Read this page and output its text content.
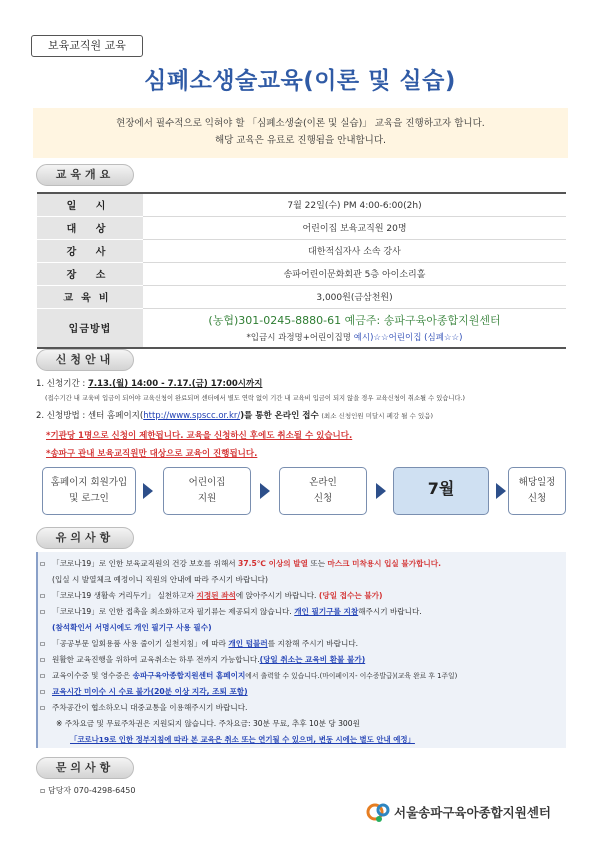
보육교직원 교육
심폐소생술교육(이론 및 실습)
현장에서 필수적으로 익혀야 할 「심폐소생술(이론 및 실습)」 교육을 진행하고자 합니다.
해당 교육은 유료로 진행됨을 안내합니다.
교육개요
일 시	7월 22일(수) PM 4:00-6:00(2h)
대 상	어린이집 보육교직원 20명
강 사	대한적십자사 소속 강사
장 소	송파어린이문화회관 5층 아이소리홀
교육비	3,000원(금삼천원)
입금방법	(농협)301-0245-8880-61 예금주: 송파구육아종합지원센터
*입금시 과정명+어린이집명 예시)☆☆어린이집 (심폐☆☆)
신청안내
1. 신청기간 : 7.13.(월) 14:00 - 7.17.(금) 17:00시까지
(접수기간 내 교육비 입금이 되어야 교육신청이 완료되며 센터에서 별도 연락 없이 기간 내 교육비 입금이 되지 않을 경우 교육신청이 취소될 수 있습니다.)
2. 신청방법 : 센터 홈페이지(http://www.spscc.or.kr/)를 통한 온라인 접수 (최소 신청인원 미달시 폐강 될 수 있음)
*기관당 1명으로 신청이 제한됩니다. 교육을 신청하신 후에도 취소될 수 있습니다.
*송파구 관내 보육교직원만 대상으로 교육이 진행됩니다.
홈페이지 회원가입
및 로그인
어린이집
지원
온라인
신청
7월	해당일정
신청
유의사항
▫ 「코로나19」로 인한 보육교직원의 건강 보호를 위해서 37.5℃ 이상의 발열 또는 마스크 미착용시 입실 불가합니다.
(입실 시 발열체크 예정이니 직원의 안내에 따라 주시기 바랍니다)
▫ 「코로나19 생활속 거리두기」 실천하고자 지정된 좌석에 앉아주시기 바랍니다. (당일 접수는 불가)
▫ 「코로나19」로 인한 접촉을 최소화하고자 필기류는 제공되지 않습니다. 개인 필기구를 지참해주시기 바랍니다.
(참석확인서 서명시에도 개인 필기구 사용 필수)
▫ 「공공부문 일회용품 사용 줄이기 실천지침」에 따라 개인 텀블러를 지참해 주시기 바랍니다.
▫ 원활한 교육진행을 위하여 교육취소는 하루 전까지 가능합니다.(당일 취소는 교육비 환불 불가)
▫ 교육이수증 및 영수증은 송파구육아종합지원센터 홈페이지에서 출력할 수 있습니다.(마이페이지- 이수증발급)(교육 완료 후 1주일)
▫ 교육시간 미이수 시 수료 불가(20분 이상 지각, 조퇴 포함)
▫ 주차공간이 협소하오니 대중교통을 이용해주시기 바랍니다.
※ 주차요금 및 무료주차권은 지원되지 않습니다. 주차요금: 30분 무료, 추후 10분 당 300원
「코로나19로 인한 정부지침에 따라 본 교육은 취소 또는 연기될 수 있으며, 변동 시에는 별도 안내 예정」
문의사항
▫ 담당자 070-4298-6450
서울송파구육아종합지원센터
